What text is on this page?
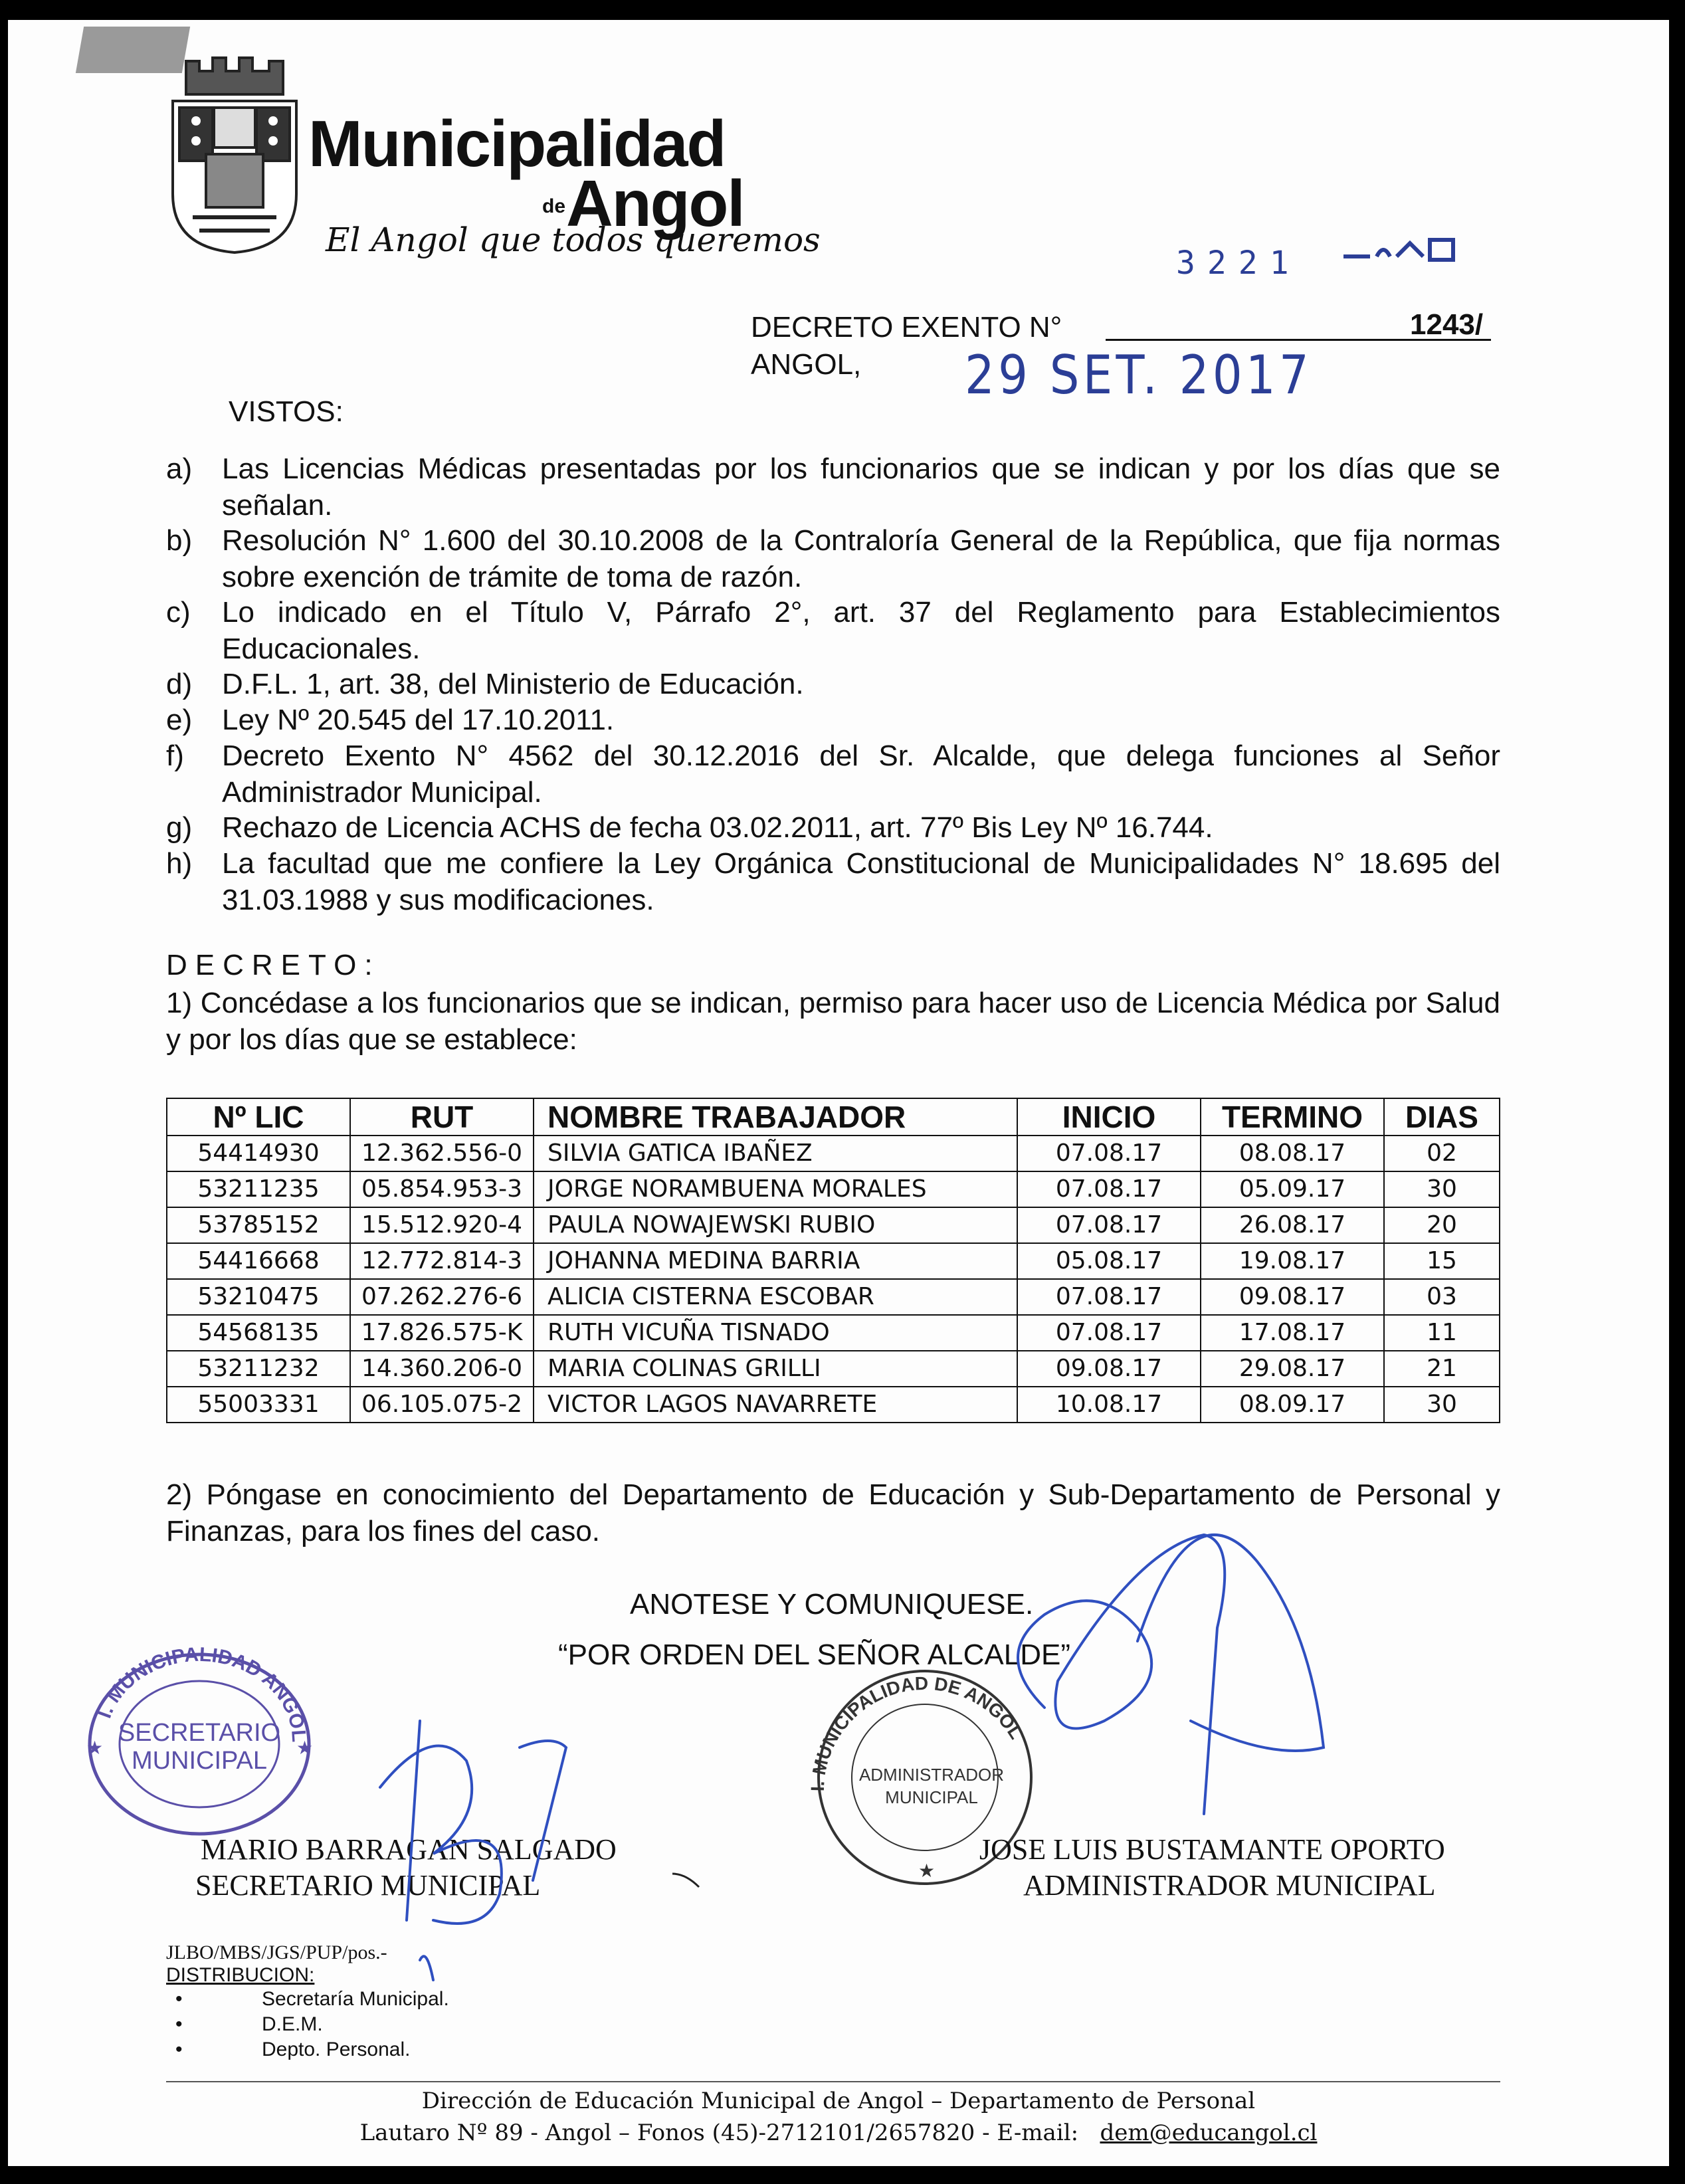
Municipalidad
de Angol
El Angol que todos queremos
3221
DECRETO EXENTO N°	1243/
ANGOL, 29 SET. 2017
VISTOS:
a) Las Licencias Médicas presentadas por los funcionarios que se indican y por los días que se señalan.
b) Resolución N° 1.600 del 30.10.2008 de la Contraloría General de la República, que fija normas sobre exención de trámite de toma de razón.
c) Lo indicado en el Título V, Párrafo 2°, art. 37 del Reglamento para Establecimientos Educacionales.
d) D.F.L. 1, art. 38, del Ministerio de Educación.
e) Ley Nº 20.545 del 17.10.2011.
f) Decreto Exento N° 4562 del 30.12.2016 del Sr. Alcalde, que delega funciones al Señor Administrador Municipal.
g) Rechazo de Licencia ACHS de fecha 03.02.2011, art. 77º Bis Ley Nº 16.744.
h) La facultad que me confiere la Ley Orgánica Constitucional de Municipalidades N° 18.695 del 31.03.1988 y sus modificaciones.
DECRETO:
1) Concédase a los funcionarios que se indican, permiso para hacer uso de Licencia Médica por Salud y por los días que se establece:
Nº LIC	RUT	NOMBRE TRABAJADOR	INICIO	TERMINO	DIAS
54414930	12.362.556-0	SILVIA GATICA IBAÑEZ	07.08.17	08.08.17	02
53211235	05.854.953-3	JORGE NORAMBUENA MORALES	07.08.17	05.09.17	30
53785152	15.512.920-4	PAULA NOWAJEWSKI RUBIO	07.08.17	26.08.17	20
54416668	12.772.814-3	JOHANNA MEDINA BARRIA	05.08.17	19.08.17	15
53210475	07.262.276-6	ALICIA CISTERNA ESCOBAR	07.08.17	09.08.17	03
54568135	17.826.575-K	RUTH VICUÑA TISNADO	07.08.17	17.08.17	11
53211232	14.360.206-0	MARIA COLINAS GRILLI	09.08.17	29.08.17	21
55003331	06.105.075-2	VICTOR LAGOS NAVARRETE	10.08.17	08.09.17	30
2) Póngase en conocimiento del Departamento de Educación y Sub-Departamento de Personal y Finanzas, para los fines del caso.
ANOTESE Y COMUNIQUESE.
“POR ORDEN DEL SEÑOR ALCALDE”
I. MUNICIPALIDAD ANGOL
SECRETARIO
MUNICIPAL
★	★
I. MUNICIPALIDAD DE ANGOL
ADMINISTRADOR
MUNICIPAL
★
MARIO BARRAGAN SALGADO
SECRETARIO MUNICIPAL
JOSE LUIS BUSTAMANTE OPORTO
ADMINISTRADOR MUNICIPAL
JLBO/MBS/JGS/PUP/pos.-
DISTRIBUCION:
•	Secretaría Municipal.
•	D.E.M.
•	Depto. Personal.
Dirección de Educación Municipal de Angol – Departamento de Personal
Lautaro Nº 89 - Angol – Fonos (45)-2712101/2657820 - E-mail: dem@educangol.cl
